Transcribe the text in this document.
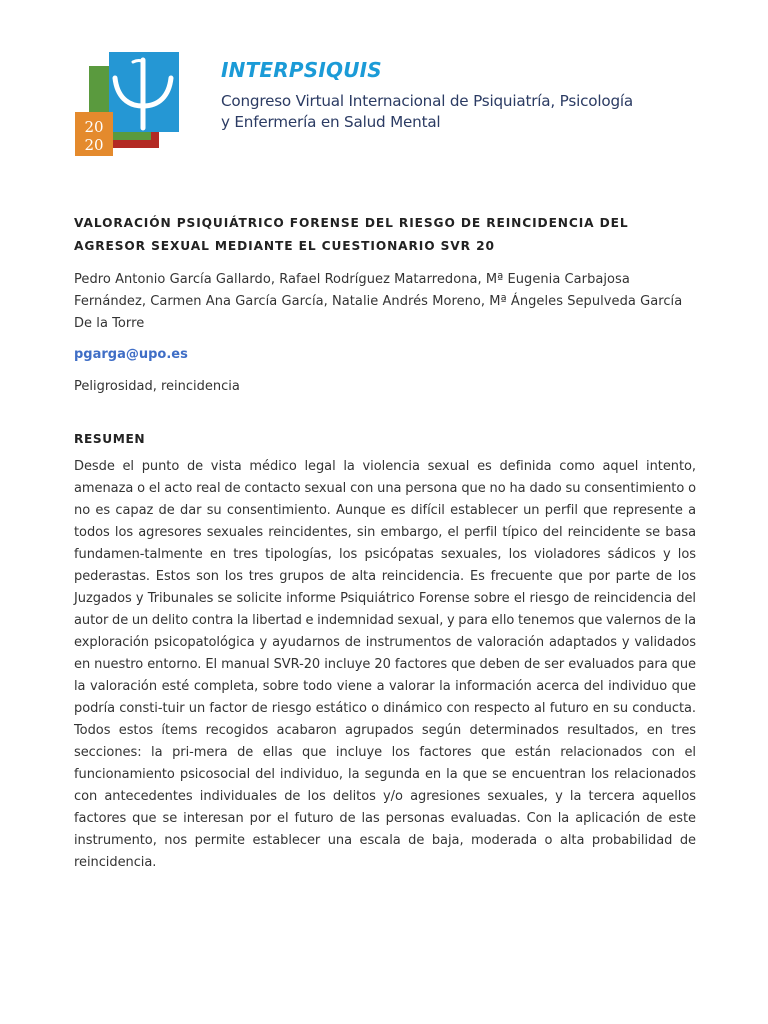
20
20
INTERPSIQUIS
Congreso Virtual Internacional de Psiquiatría, Psicología
y Enfermería en Salud Mental
VALORACIÓN PSIQUIÁTRICO FORENSE DEL RIESGO DE REINCIDENCIA DEL AGRESOR SEXUAL MEDIANTE EL CUESTIONARIO SVR 20

Pedro Antonio García Gallardo, Rafael Rodríguez Matarredona, Mª Eugenia Carbajosa Fernández, Carmen Ana García García, Natalie Andrés Moreno, Mª Ángeles Sepulveda García De la Torre

pgarga@upo.es

Peligrosidad, reincidencia

RESUMEN

Desde el punto de vista médico legal la violencia sexual es definida como aquel intento, amenaza o el acto real de contacto sexual con una persona que no ha dado su consentimiento o no es capaz de dar su consentimiento. Aunque es difícil establecer un perfil que represente a todos los agresores sexuales reincidentes, sin embargo, el perfil típico del reincidente se basa fundamen-talmente en tres tipologías, los psicópatas sexuales, los violadores sádicos y los pederastas. Estos son los tres grupos de alta reincidencia. Es frecuente que por parte de los Juzgados y Tribunales se solicite informe Psiquiátrico Forense sobre el riesgo de reincidencia del autor de un delito contra la libertad e indemnidad sexual, y para ello tenemos que valernos de la exploración psicopatológica y ayudarnos de instrumentos de valoración adaptados y validados en nuestro entorno. El manual SVR-20 incluye 20 factores que deben de ser evaluados para que la valoración esté completa, sobre todo viene a valorar la información acerca del individuo que podría consti-tuir un factor de riesgo estático o dinámico con respecto al futuro en su conducta. Todos estos ítems recogidos acabaron agrupados según determinados resultados, en tres secciones: la pri-mera de ellas que incluye los factores que están relacionados con el funcionamiento psicosocial del individuo, la segunda en la que se encuentran los relacionados con antecedentes individuales de los delitos y/o agresiones sexuales, y la tercera aquellos factores que se interesan por el futuro de las personas evaluadas. Con la aplicación de este instrumento, nos permite establecer una escala de baja, moderada o alta probabilidad de reincidencia.
